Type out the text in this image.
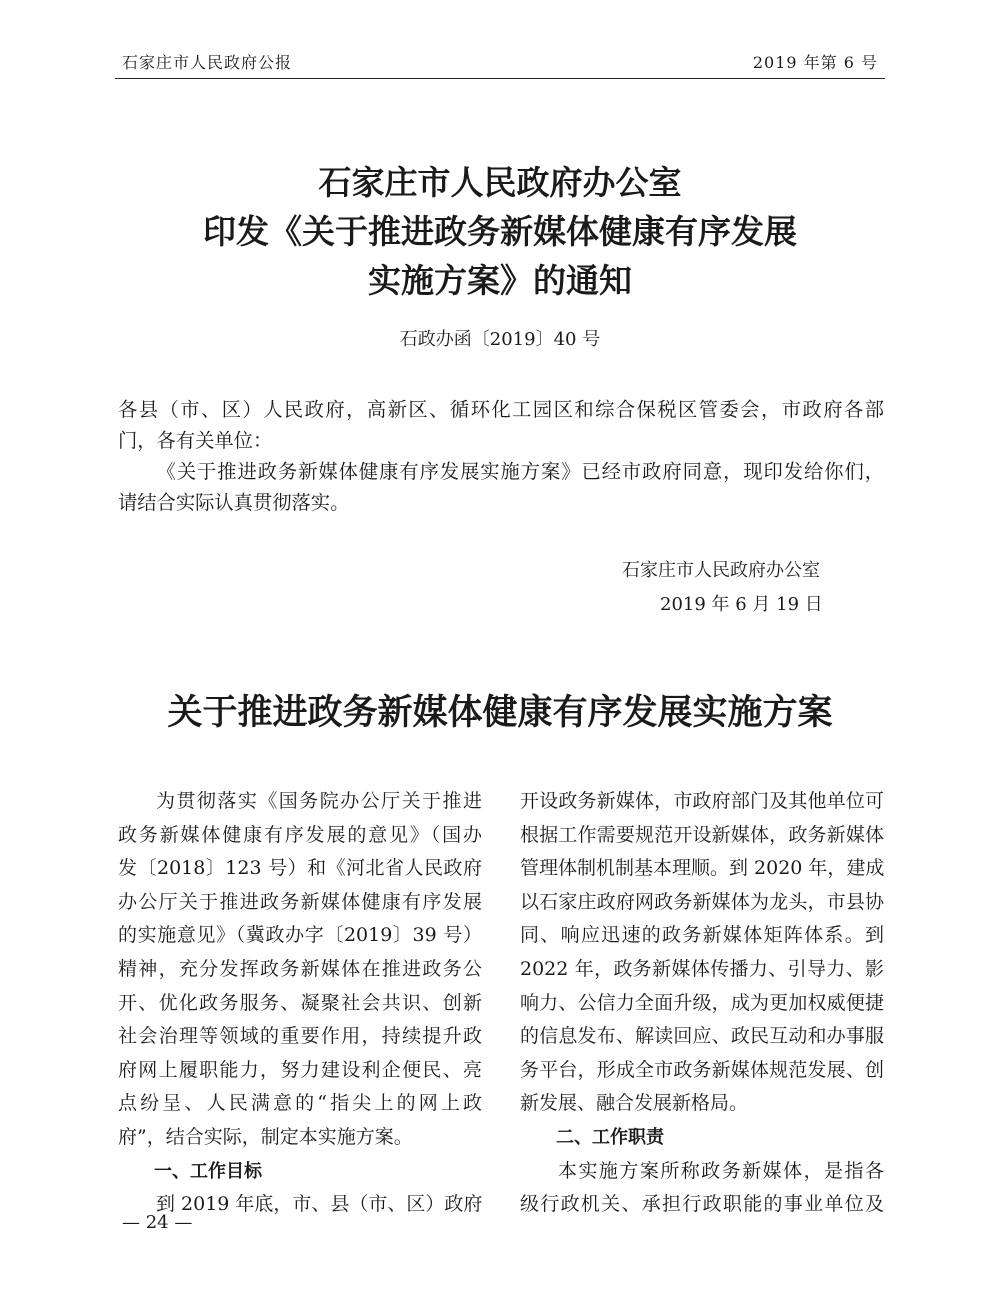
石家庄市人民政府公报	2019 年第 6 号
石家庄市人民政府办公室
印发《关于推进政务新媒体健康有序发展
实施方案》的通知
石政办函〔2019〕40 号
各县（市、区）人民政府，高新区、循环化工园区和综合保税区管委会，市政府各部
门，各有关单位：
《关于推进政务新媒体健康有序发展实施方案》已经市政府同意，现印发给你们，
请结合实际认真贯彻落实。
石家庄市人民政府办公室
2019 年 6 月 19 日
关于推进政务新媒体健康有序发展实施方案
为贯彻落实《国务院办公厅关于推进
政务新媒体健康有序发展的意见》（国办
发〔2018〕123 号）和《河北省人民政府
办公厅关于推进政务新媒体健康有序发展
的实施意见》（冀政办字〔2019〕39 号）
精神，充分发挥政务新媒体在推进政务公
开、优化政务服务、凝聚社会共识、创新
社会治理等领域的重要作用，持续提升政
府网上履职能力，努力建设利企便民、亮
点纷呈、人民满意的“指尖上的网上政
府”，结合实际，制定本实施方案。
一、工作目标
到 2019 年底，市、县（市、区）政府
开设政务新媒体，市政府部门及其他单位可
根据工作需要规范开设新媒体，政务新媒体
管理体制机制基本理顺。到 2020 年，建成
以石家庄政府网政务新媒体为龙头，市县协
同、响应迅速的政务新媒体矩阵体系。到
2022 年，政务新媒体传播力、引导力、影
响力、公信力全面升级，成为更加权威便捷
的信息发布、解读回应、政民互动和办事服
务平台，形成全市政务新媒体规范发展、创
新发展、融合发展新格局。
二、工作职责
本实施方案所称政务新媒体，是指各
级行政机关、承担行政职能的事业单位及
— 24 —
